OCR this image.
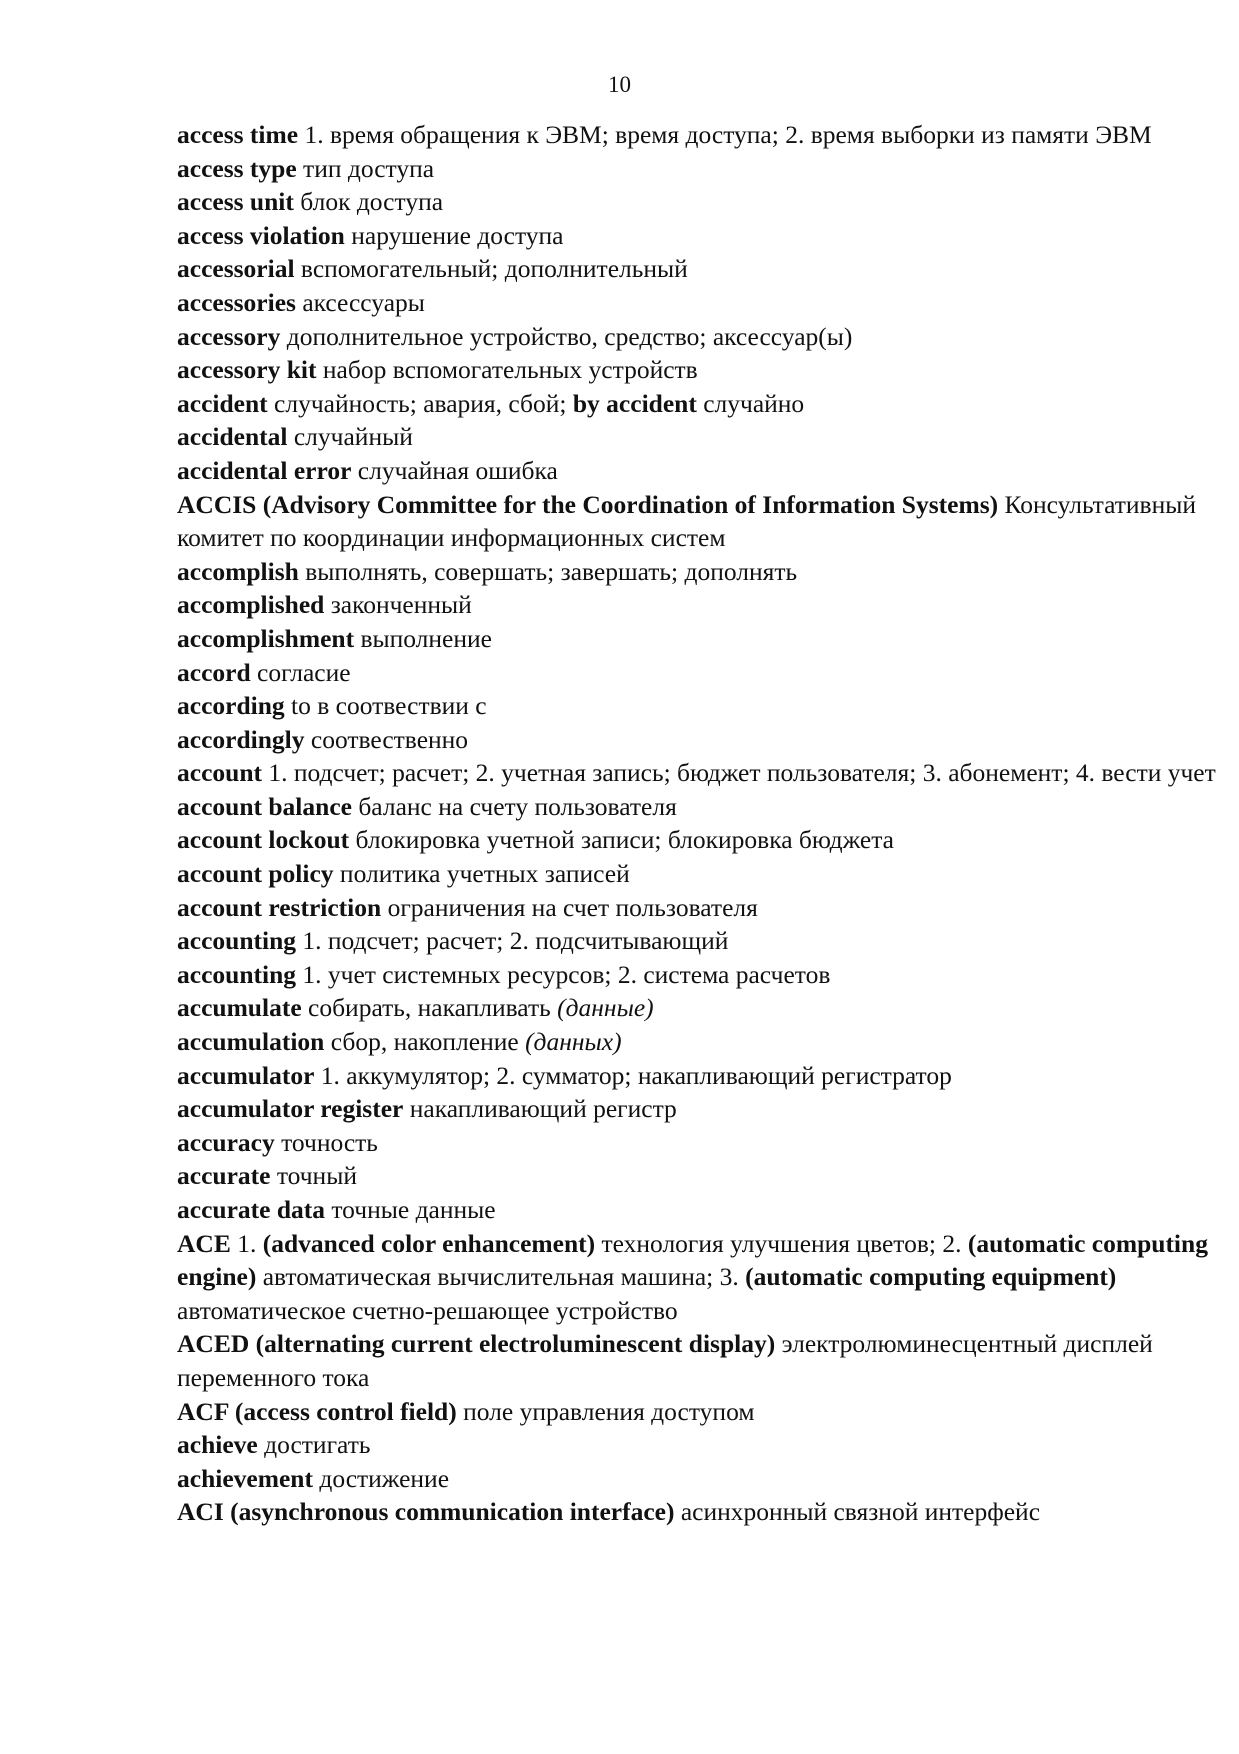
10

access time 1. время обращения к ЭВМ; время доступа; 2. время выборки из памяти ЭВМ

access type тип доступа

access unit блок доступа

access violation нарушение доступа

accessorial вспомогательный; дополнительный

accessories аксессуары

accessory дополнительное устройство, средство; аксессуар(ы)

accessory kit набор вспомогательных устройств

accident случайность; авария, сбой; by accident случайно

accidental случайный

accidental error случайная ошибка

ACCIS (Advisory Committee for the Coordination of Information Systems) Консультативный комитет по координации информационных систем

accomplish выполнять, совершать; завершать; дополнять

accomplished законченный

accomplishment выполнение

accord согласие

according to в соотвествии с

accordingly соотвественно

account 1. подсчет; расчет; 2. учетная запись; бюджет пользователя; 3. абонемент; 4. вести учет

account balance баланс на счету пользователя

account lockout блокировка учетной записи; блокировка бюджета

account policy политика учетных записей

account restriction ограничения на счет пользователя

accounting 1. подсчет; расчет; 2. подсчитывающий

accounting 1. учет системных ресурсов; 2. система расчетов

accumulate собирать, накапливать (данные)

accumulation сбор, накопление (данных)

accumulator 1. аккумулятор; 2. сумматор; накапливающий регистратор

accumulator register накапливающий регистр

accuracy точность

accurate точный

accurate data точные данные

ACE 1. (advanced color enhancement) технология улучшения цветов; 2. (automatic computing engine) автоматическая вычислительная машина; 3. (automatic computing equipment) автоматическое счетно-решающее устройство

ACED (alternating current electroluminescent display) электролюминесцентный дисплей переменного тока

ACF (access control field) поле управления доступом

achieve достигать

achievement достижение

ACI (asynchronous communication interface) асинхронный связной интерфейс
